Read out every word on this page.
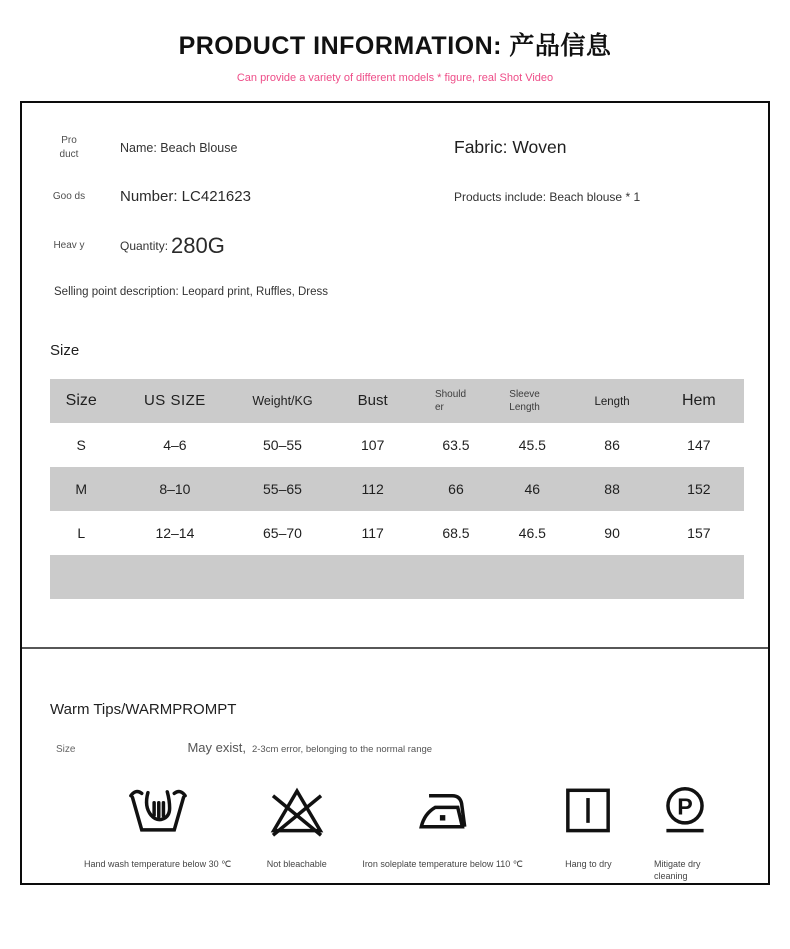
PRODUCT INFORMATION: 产品信息
Can provide a variety of different models * figure, real Shot Video
Pro duct	Name: Beach Blouse	Fabric: Woven
Goo ds Number: LC421623	Products include: Beach blouse * 1
Heav y	Quantity: 280G
Selling point description: Leopard print, Ruffles, Dress
Size
Size	US SIZE	Weight/KG	Bust	Should er	Sleeve Length	Length	Hem
S	4–6	50–55	107	63.5	45.5	86	147
M	8–10	55–65	112	66	46	88	152
L	12–14	65–70	117	68.5	46.5	90	157

Warm Tips/WARMPROMPT
Size	May exist, 2-3cm error, belonging to the normal range
Hand wash temperature below 30 ℃	Not bleachable	Iron soleplate temperature below 110 ℃	Hang to dry
P
Mitigate dry cleaning
